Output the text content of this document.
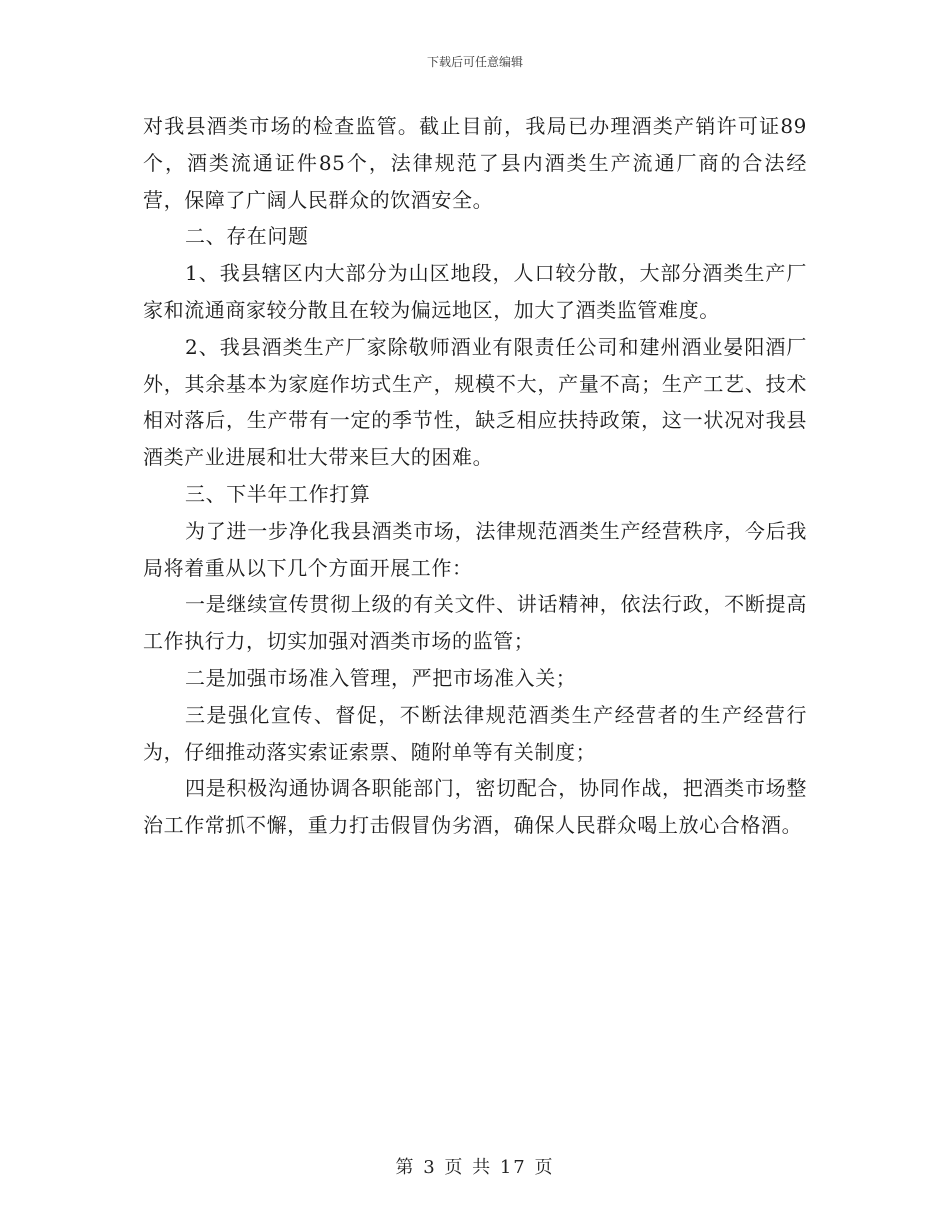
下载后可任意编辑

对我县酒类市场的检查监管。截止目前，我局已办理酒类产销许可证89个，酒类流通证件85个，法律规范了县内酒类生产流通厂商的合法经营，保障了广阔人民群众的饮酒安全。

二、存在问题

1、我县辖区内大部分为山区地段，人口较分散，大部分酒类生产厂家和流通商家较分散且在较为偏远地区，加大了酒类监管难度。

2、我县酒类生产厂家除敬师酒业有限责任公司和建州酒业晏阳酒厂外，其余基本为家庭作坊式生产，规模不大，产量不高；生产工艺、技术相对落后，生产带有一定的季节性，缺乏相应扶持政策，这一状况对我县酒类产业进展和壮大带来巨大的困难。

三、下半年工作打算

为了进一步净化我县酒类市场，法律规范酒类生产经营秩序，今后我局将着重从以下几个方面开展工作：

一是继续宣传贯彻上级的有关文件、讲话精神，依法行政，不断提高工作执行力，切实加强对酒类市场的监管；

二是加强市场准入管理，严把市场准入关；

三是强化宣传、督促，不断法律规范酒类生产经营者的生产经营行为，仔细推动落实索证索票、随附单等有关制度；

四是积极沟通协调各职能部门，密切配合，协同作战，把酒类市场整治工作常抓不懈，重力打击假冒伪劣酒，确保人民群众喝上放心合格酒。

第 3 页 共 17 页
